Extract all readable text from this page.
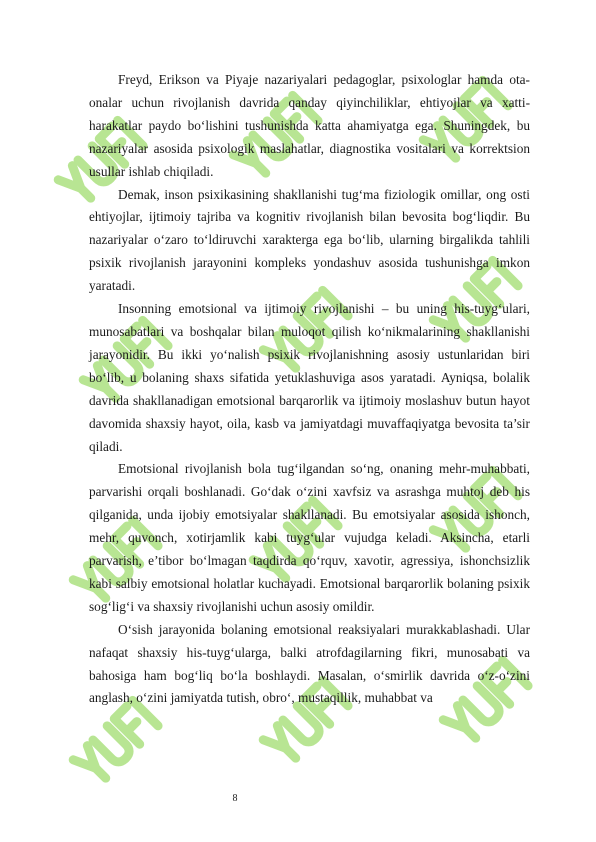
Freyd, Erikson va Piyaje nazariyalari pedagoglar, psixologlar hamda ota-onalar uchun rivojlanish davrida qanday qiyinchiliklar, ehtiyojlar va xatti-harakatlar paydo bo‘lishini tushunishda katta ahamiyatga ega. Shuningdek, bu nazariyalar asosida psixologik maslahatlar, diagnostika vositalari va korrektsion usullar ishlab chiqiladi.

Demak, inson psixikasining shakllanishi tug‘ma fiziologik omillar, ong osti ehtiyojlar, ijtimoiy tajriba va kognitiv rivojlanish bilan bevosita bog‘liqdir. Bu nazariyalar o‘zaro to‘ldiruvchi xarakterga ega bo‘lib, ularning birgalikda tahlili psixik rivojlanish jarayonini kompleks yondashuv asosida tushunishga imkon yaratadi.

Insonning emotsional va ijtimoiy rivojlanishi – bu uning his-tuyg‘ulari, munosabatlari va boshqalar bilan muloqot qilish ko‘nikmalarining shakllanishi jarayonidir. Bu ikki yo‘nalish psixik rivojlanishning asosiy ustunlaridan biri bo‘lib, u bolaning shaxs sifatida yetuklashuviga asos yaratadi. Ayniqsa, bolalik davrida shakllanadigan emotsional barqarorlik va ijtimoiy moslashuv butun hayot davomida shaxsiy hayot, oila, kasb va jamiyatdagi muvaffaqiyatga bevosita ta’sir qiladi.

Emotsional rivojlanish bola tug‘ilgandan so‘ng, onaning mehr-muhabbati, parvarishi orqali boshlanadi. Go‘dak o‘zini xavfsiz va asrashga muhtoj deb his qilganida, unda ijobiy emotsiyalar shakllanadi. Bu emotsiyalar asosida ishonch, mehr, quvonch, xotirjamlik kabi tuyg‘ular vujudga keladi. Aksincha, etarli parvarish, e’tibor bo‘lmagan taqdirda qo‘rquv, xavotir, agressiya, ishonchsizlik kabi salbiy emotsional holatlar kuchayadi. Emotsional barqarorlik bolaning psixik sog‘lig‘i va shaxsiy rivojlanishi uchun asosiy omildir.

O‘sish jarayonida bolaning emotsional reaksiyalari murakkablashadi. Ular nafaqat shaxsiy his-tuyg‘ularga, balki atrofdagilarning fikri, munosabati va bahosiga ham bog‘liq bo‘la boshlaydi. Masalan, o‘smirlik davrida o‘z-o‘zini anglash, o‘zini jamiyatda tutish, obro‘, mustaqillik, muhabbat va

8
